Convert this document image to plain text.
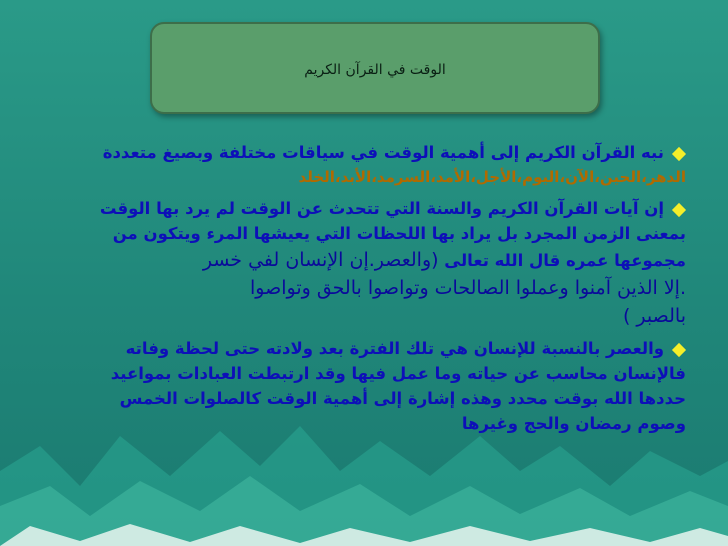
الوقت في القرآن الكريم
نبه القرآن الكريم إلى أهمية الوقت في سياقات مختلفة وبصيغ متعددة
الدهر،الحين،الآن،اليوم،الأجل،الأمد،السرمد،الأبد،الخلد
إن آيات القرآن الكريم والسنة التي تتحدث عن الوقت لم يرد بها الوقت
بمعنى الزمن المجرد بل يراد بها اللحظات التي يعيشها المرء ويتكون من
مجموعها عمره قال الله تعالى (والعصر.إن الإنسان لفي خسر
.إلا الذين آمنوا وعملوا الصالحات وتواصوا بالحق وتواصوا
بالصبر )
والعصر بالنسبة للإنسان هي تلك الفترة بعد ولادته حتى لحظة وفاته
فالإنسان محاسب عن حياته وما عمل فيها وقد ارتبطت العبادات بمواعيد
حددها الله بوقت محدد وهذه إشارة إلى أهمية الوقت كالصلوات الخمس
وصوم رمضان والحج وغيرها
